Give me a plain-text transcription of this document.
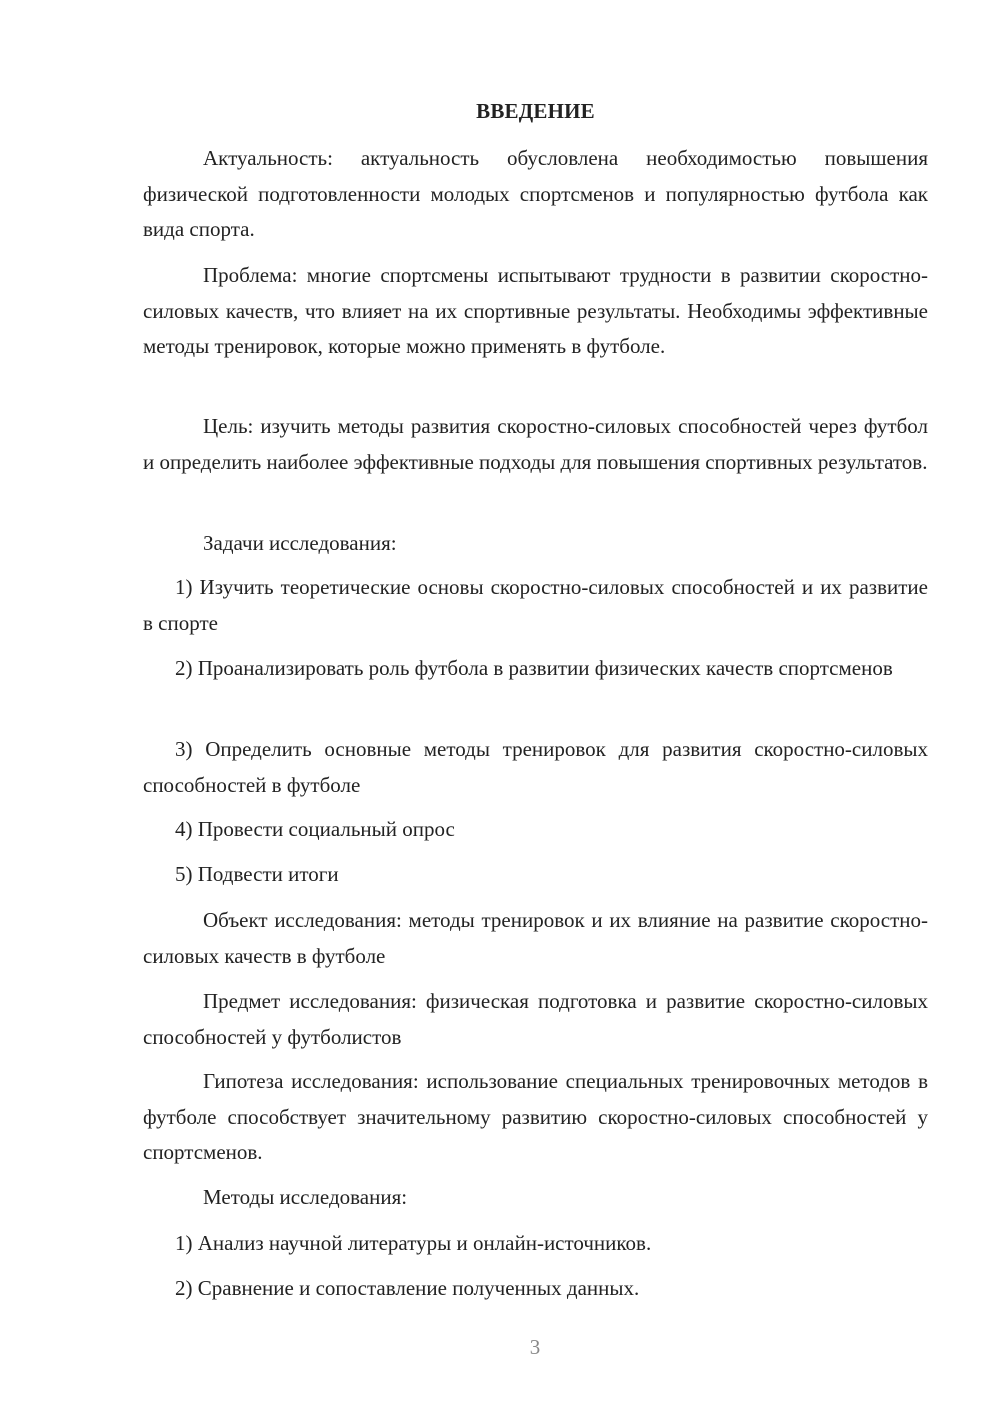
ВВЕДЕНИЕ

Актуальность: актуальность обусловлена необходимостью повышения физической подготовленности молодых спортсменов и популярностью футбола как вида спорта.

Проблема: многие спортсмены испытывают трудности в развитии скоростно-силовых качеств, что влияет на их спортивные результаты. Необходимы эффективные методы тренировок, которые можно применять в футболе.

Цель: изучить методы развития скоростно-силовых способностей через футбол и определить наиболее эффективные подходы для повышения спортивных результатов.

Задачи исследования:

1) Изучить теоретические основы скоростно-силовых способностей и их развитие в спорте

2) Проанализировать роль футбола в развитии физических качеств спортсменов

3) Определить основные методы тренировок для развития скоростно-силовых способностей в футболе

4) Провести социальный опрос

5) Подвести итоги

Объект исследования: методы тренировок и их влияние на развитие скоростно-силовых качеств в футболе

Предмет исследования: физическая подготовка и развитие скоростно-силовых способностей у футболистов

Гипотеза исследования: использование специальных тренировочных методов в футболе способствует значительному развитию скоростно-силовых способностей у спортсменов.

Методы исследования:

1) Анализ научной литературы и онлайн-источников.

2) Сравнение и сопоставление полученных данных.

3
